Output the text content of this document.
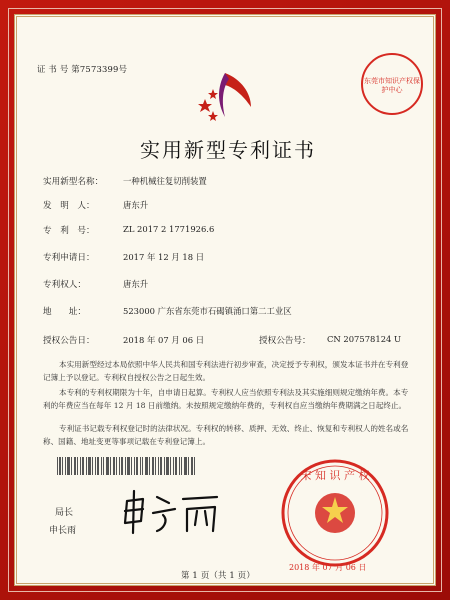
证 书 号 第7573399号
东莞市知识产权保护中心
实用新型专利证书
实用新型名称： 一种机械往复切削装置
发　明　人：	唐东升
专　利　号：	ZL 2017 2 1771926.6
专利申请日：	2017 年 12 月 18 日
专利权人：	唐东升
地　　址：	523000 广东省东莞市石碣镇涌口第二工业区
授权公告日：	2018 年 07 月 06 日	授权公告号： CN 207578124 U
本实用新型经过本局依照中华人民共和国专利法进行初步审查，决定授予专利权，颁发本证书并在专利登记簿上予以登记。专利权自授权公告之日起生效。
本专利的专利权期限为十年，自申请日起算。专利权人应当依照专利法及其实施细则规定缴纳年费。本专利的年费应当在每年 12 月 18 日前缴纳。未按照规定缴纳年费的，专利权自应当缴纳年费期满之日起终止。
专利证书记载专利权登记时的法律状况。专利权的转移、质押、无效、终止、恢复和专利权人的姓名或名称、国籍、地址变更等事项记载在专利登记簿上。
局长
申长雨
宋 知 识 产 权
2018 年 07 月 06 日
第 1 页（共 1 页）
